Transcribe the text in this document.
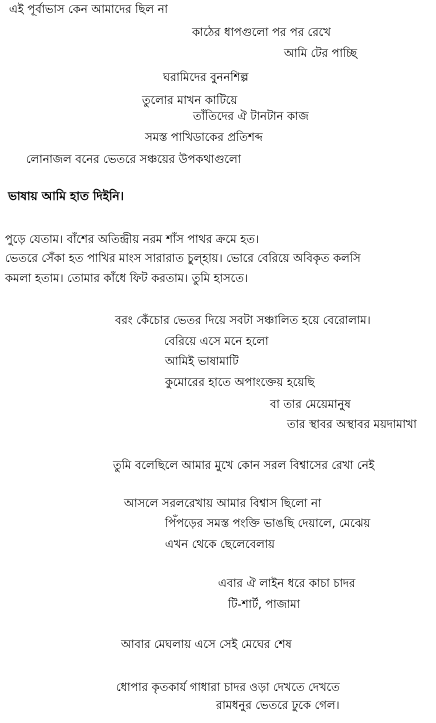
এই পূর্বাভাস কেন আমাদের ছিল না
কাঠের ধাপগুলো পর পর রেখে
আমি টের পাচ্ছি
ঘরামিদের বুননশিল্প
তুলোর মাখন কাটিয়ে
তাঁতিদের ঐ টানটান কাজ
সমস্ত পাখিডাকের প্রতিশব্দ
লোনাজল বনের ভেতরে সঞ্চয়ের উপকথাগুলো
ভাষায় আমি হাত দিইনি।
পুড়ে যেতাম। বাঁশের অতিন্দ্রীয় নরম শাঁস পাথর ক্রমে হত।
ভেতরে সেঁকা হত পাখির মাংস সারারাত চুল্হায়। ভোরে বেরিয়ে অবিকৃত কলসি
কমলা হতাম। তোমার কাঁধে ফিট করতাম। তুমি হাসতে।
বরং কেঁচোর ভেতর দিয়ে সবটা সঞ্চালিত হয়ে বেরোলাম।
বেরিয়ে এসে মনে হলো
আমিই ভাষামাটি
কুমোরের হাতে অপাংক্তেয় হয়েছি
বা তার মেয়েমানুষ
তার স্থাবর অস্থাবর ময়দামাখা
তুমি বলেছিলে আমার মুখে কোন সরল বিশ্বাসের রেখা নেই
আসলে সরলরেখায় আমার বিশ্বাস ছিলো না
পিঁপড়ের সমস্ত পংক্তি ভাঙছি দেয়ালে, মেঝেয়
এখন থেকে ছেলেবেলায়
এবার ঐ লাইন ধরে কাচা চাদর
টি-শার্ট, পাজামা
আবার মেঘলায় এসে সেই মেঘের শেষ
ধোপার কৃতকার্য গাধারা চাদর ওড়া দেখতে দেখতে
রামধনুর ভেতরে ঢুকে গেল।
